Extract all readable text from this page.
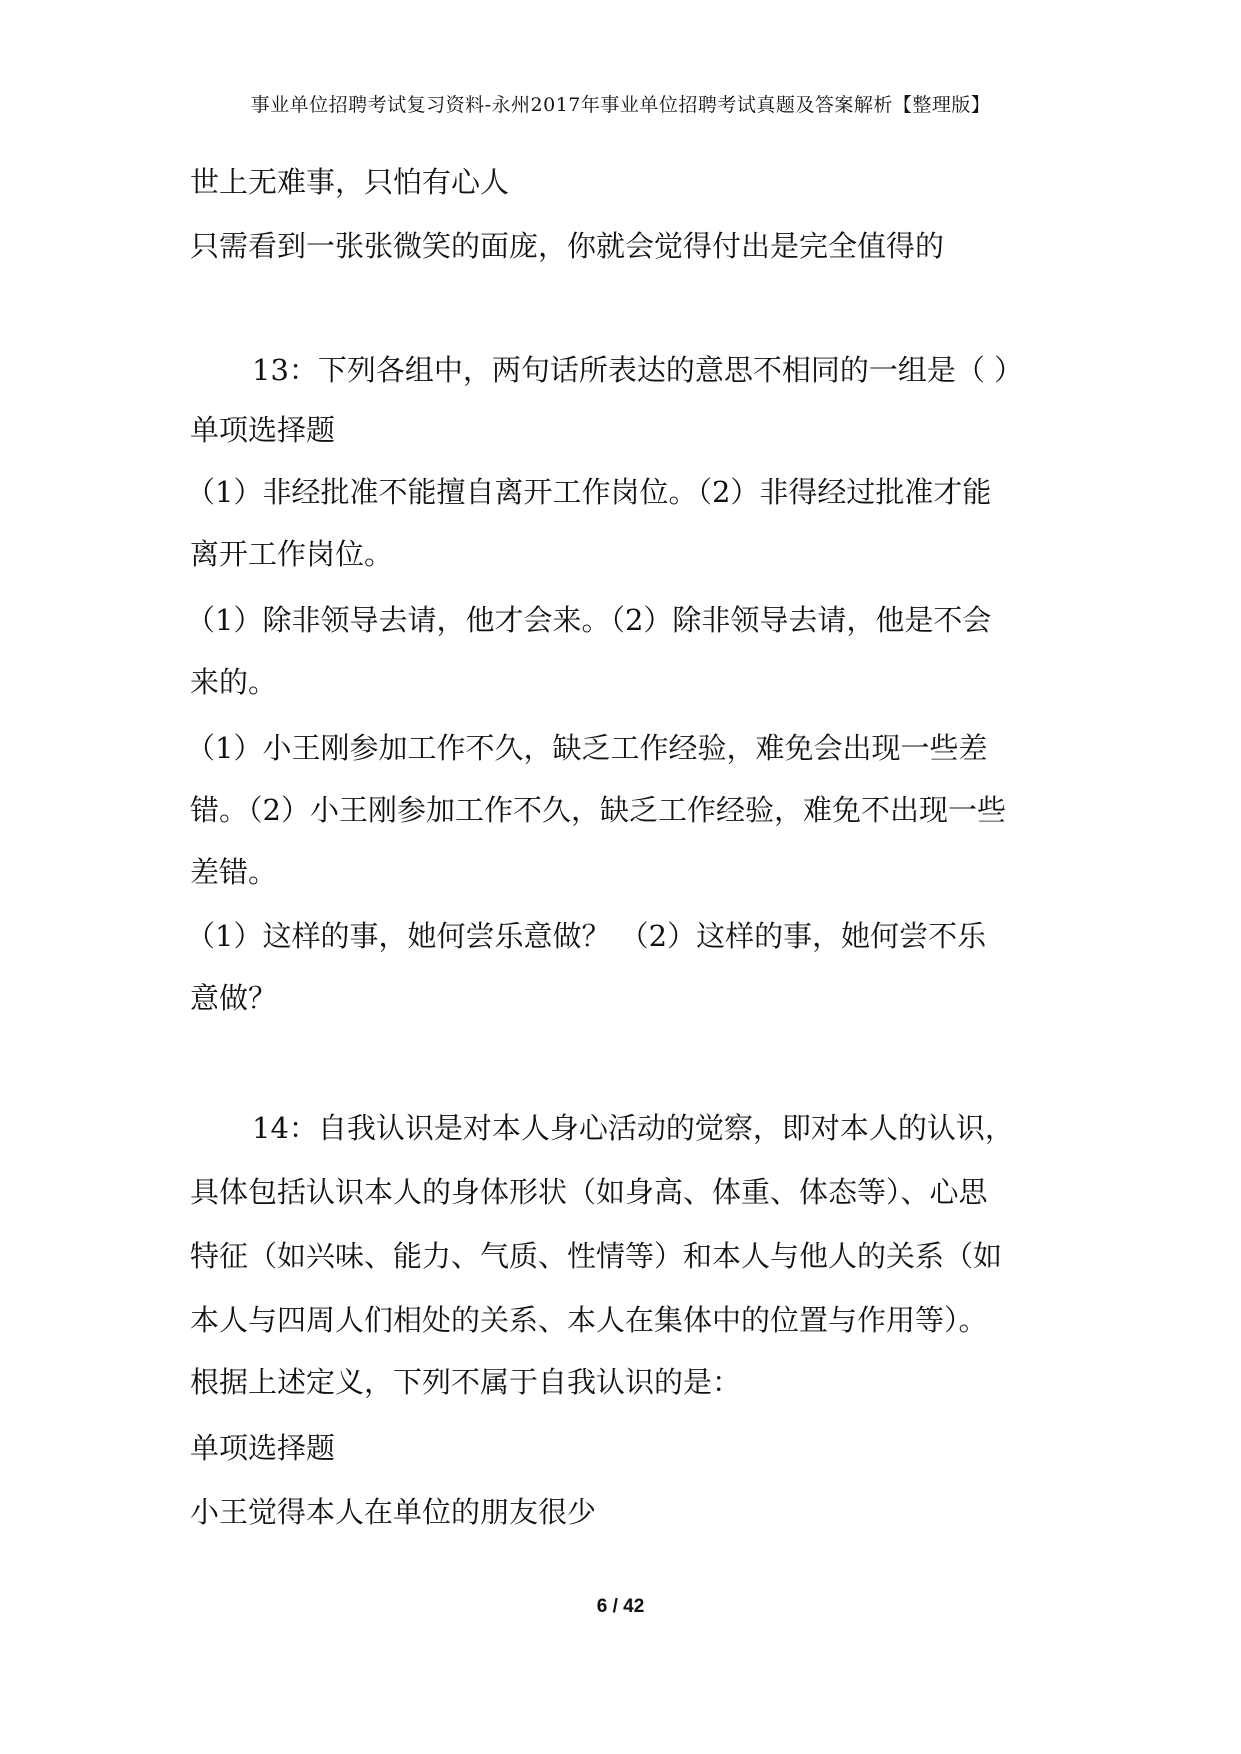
事业单位招聘考试复习资料-永州2017年事业单位招聘考试真题及答案解析【整理版】
世上无难事，只怕有心人
只需看到一张张微笑的面庞，你就会觉得付出是完全值得的
13：下列各组中，两句话所表达的意思不相同的一组是（ ）
单项选择题
（1）非经批准不能擅自离开工作岗位。（2）非得经过批准才能
离开工作岗位。
（1）除非领导去请，他才会来。（2）除非领导去请，他是不会
来的。
（1）小王刚参加工作不久，缺乏工作经验，难免会出现一些差
错。（2）小王刚参加工作不久，缺乏工作经验，难免不出现一些
差错。
（1）这样的事，她何尝乐意做？ （2）这样的事，她何尝不乐
意做？
14：自我认识是对本人身心活动的觉察，即对本人的认识，
具体包括认识本人的身体形状（如身高、体重、体态等）、心思
特征（如兴味、能力、气质、性情等）和本人与他人的关系（如
本人与四周人们相处的关系、本人在集体中的位置与作用等）。
根据上述定义，下列不属于自我认识的是：
单项选择题
小王觉得本人在单位的朋友很少
6 / 42
